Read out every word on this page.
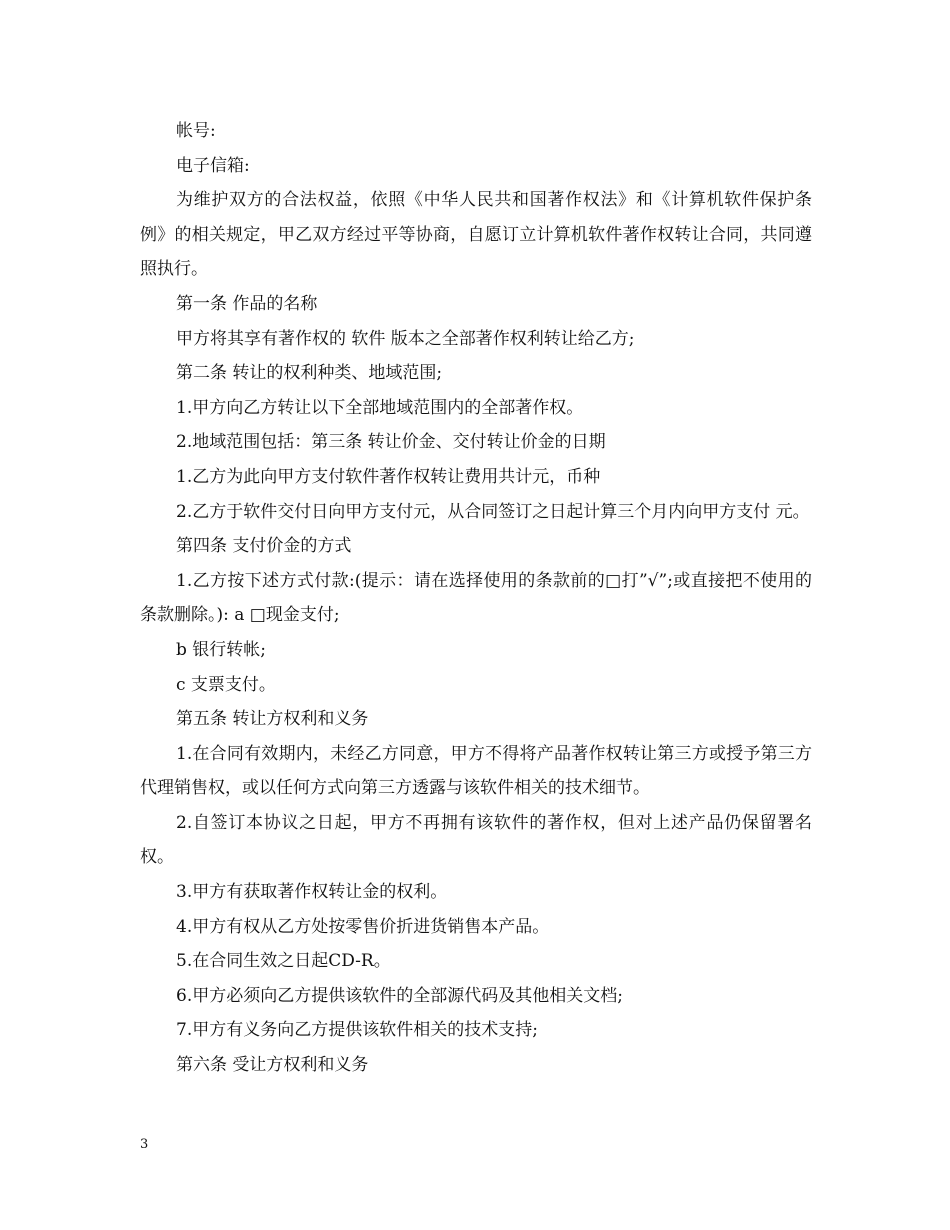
帐号:

电子信箱:

为维护双方的合法权益，依照《中华人民共和国著作权法》和《计算机软件保护条例》的相关规定，甲乙双方经过平等协商，自愿订立计算机软件著作权转让合同，共同遵照执行。

第一条 作品的名称

甲方将其享有著作权的 软件 版本之全部著作权利转让给乙方;

第二条 转让的权利种类、地域范围;

1.甲方向乙方转让以下全部地域范围内的全部著作权。

2.地域范围包括：第三条 转让价金、交付转让价金的日期

1.乙方为此向甲方支付软件著作权转让费用共计元，币种

2.乙方于软件交付日向甲方支付元，从合同签订之日起计算三个月内向甲方支付 元。

第四条 支付价金的方式

1.乙方按下述方式付款:(提示：请在选择使用的条款前的□打”√”;或直接把不使用的条款删除。): a □现金支付;

b 银行转帐;

c 支票支付。

第五条 转让方权利和义务

1.在合同有效期内，未经乙方同意，甲方不得将产品著作权转让第三方或授予第三方代理销售权，或以任何方式向第三方透露与该软件相关的技术细节。

2.自签订本协议之日起，甲方不再拥有该软件的著作权，但对上述产品仍保留署名权。

3.甲方有获取著作权转让金的权利。

4.甲方有权从乙方处按零售价折进货销售本产品。

5.在合同生效之日起CD-R。

6.甲方必须向乙方提供该软件的全部源代码及其他相关文档;

7.甲方有义务向乙方提供该软件相关的技术支持;

第六条 受让方权利和义务

3
